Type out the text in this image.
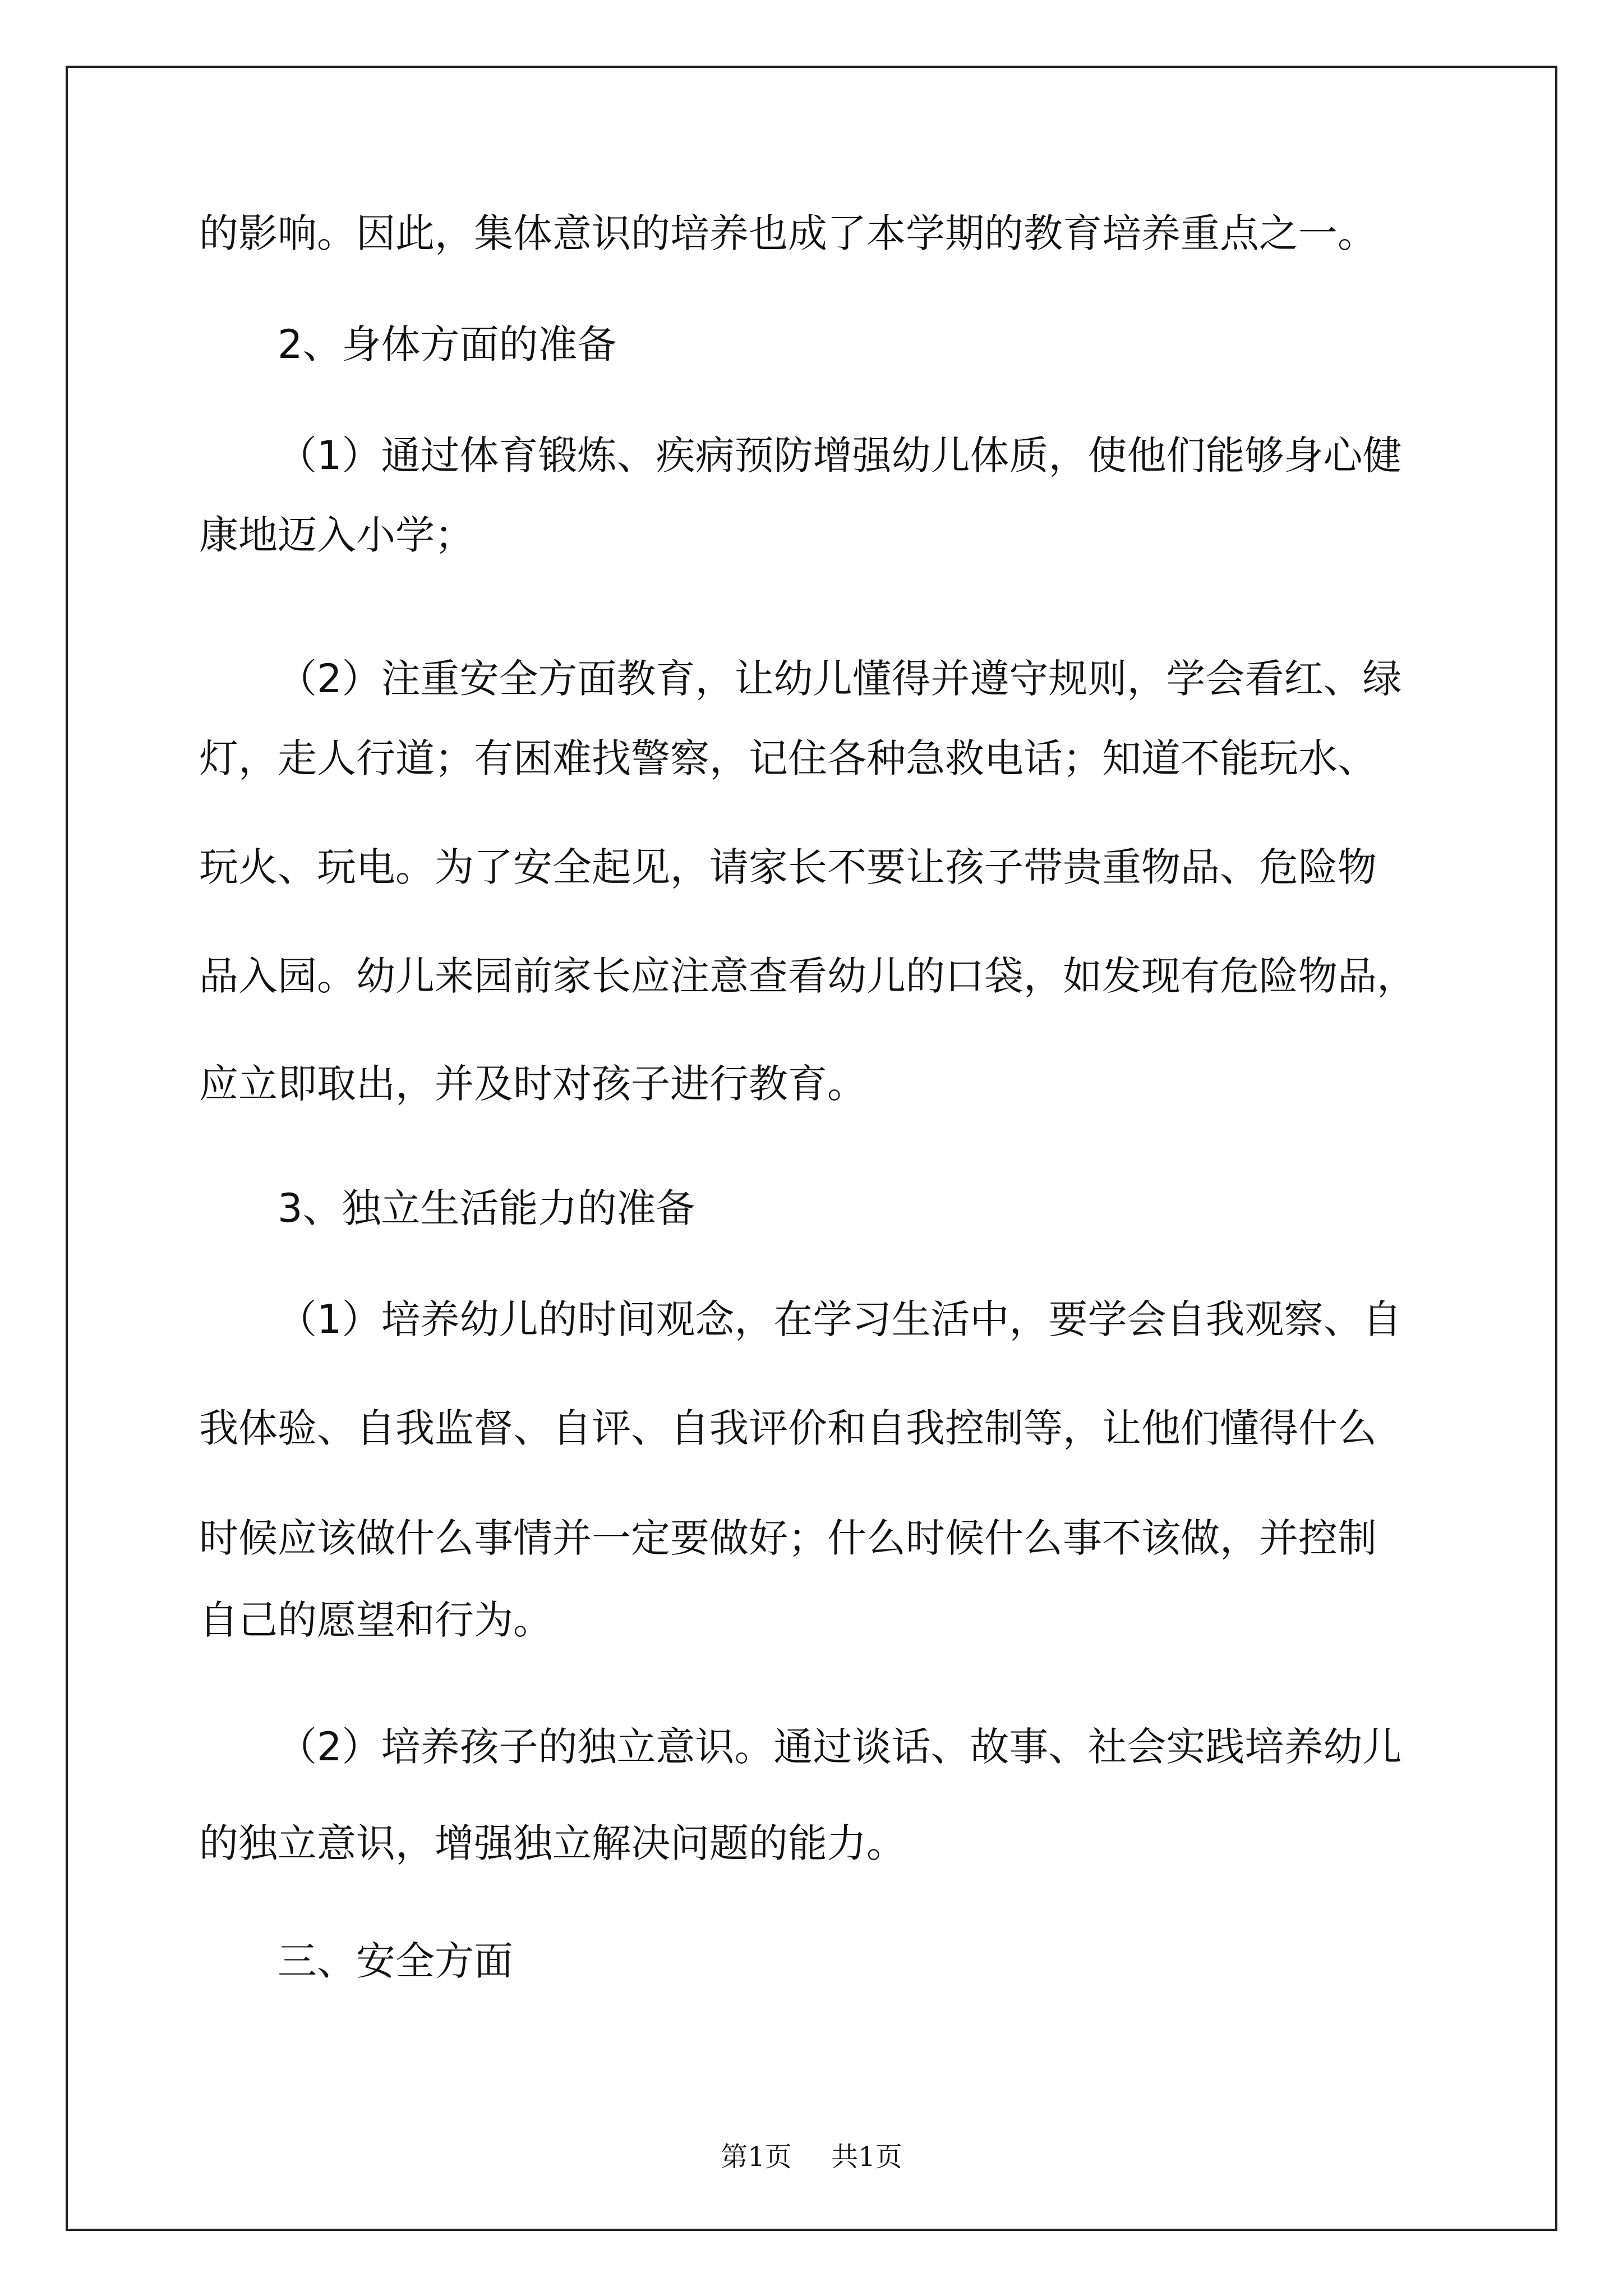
的影响。因此，集体意识的培养也成了本学期的教育培养重点之一。
2、身体方面的准备
（1）通过体育锻炼、疾病预防增强幼儿体质，使他们能够身心健
康地迈入小学；
（2）注重安全方面教育，让幼儿懂得并遵守规则，学会看红、绿
灯，走人行道；有困难找警察，记住各种急救电话；知道不能玩水、
玩火、玩电。为了安全起见，请家长不要让孩子带贵重物品、危险物
品入园。幼儿来园前家长应注意查看幼儿的口袋，如发现有危险物品，
应立即取出，并及时对孩子进行教育。
3、独立生活能力的准备
（1）培养幼儿的时间观念，在学习生活中，要学会自我观察、自
我体验、自我监督、自评、自我评价和自我控制等，让他们懂得什么
时候应该做什么事情并一定要做好；什么时候什么事不该做，并控制
自己的愿望和行为。
（2）培养孩子的独立意识。通过谈话、故事、社会实践培养幼儿
的独立意识，增强独立解决问题的能力。
三、安全方面
第1页 共1页
